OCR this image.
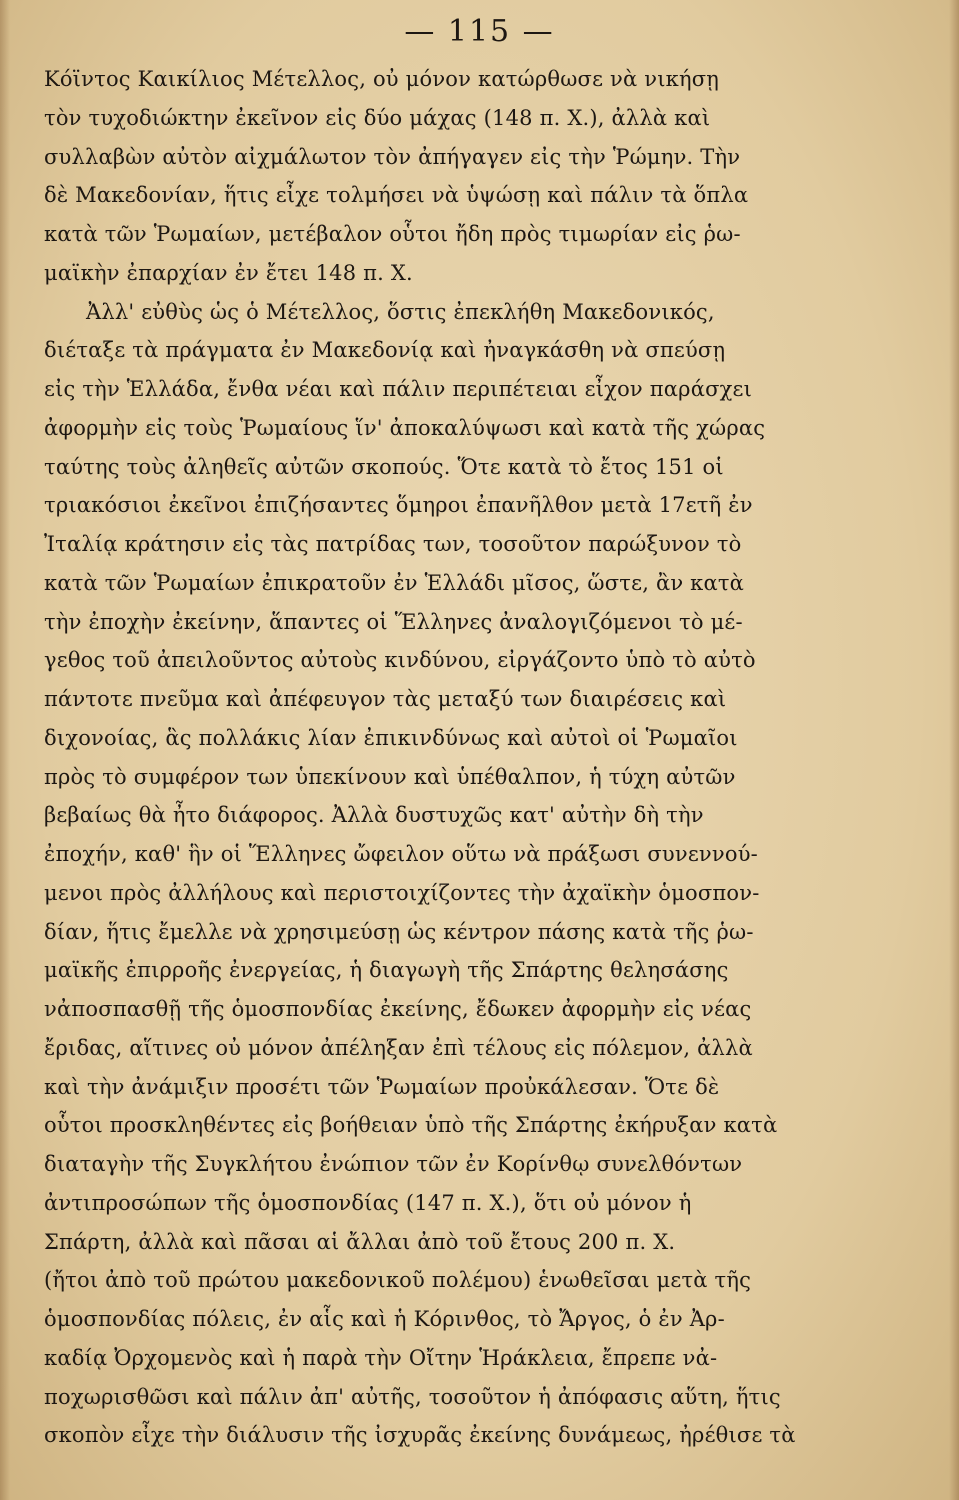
— 115 —
Κόϊντος Καικίλιος Μέτελλος, οὐ μόνον κατώρθωσε νὰ νικήσῃ
τὸν τυχοδιώκτην ἐκεῖνον εἰς δύο μάχας (148 π. Χ.), ἀλλὰ καὶ
συλλαβὼν αὐτὸν αἰχμάλωτον τὸν ἀπήγαγεν εἰς τὴν Ῥώμην. Τὴν
δὲ Μακεδονίαν, ἥτις εἶχε τολμήσει νὰ ὑψώσῃ καὶ πάλιν τὰ ὅπλα
κατὰ τῶν Ῥωμαίων, μετέβαλον οὗτοι ἤδη πρὸς τιμωρίαν εἰς ῥω-
μαϊκὴν ἐπαρχίαν ἐν ἔτει 148 π. Χ.
Ἀλλ' εὐθὺς ὡς ὁ Μέτελλος, ὅστις ἐπεκλήθη Μακεδονικός,
διέταξε τὰ πράγματα ἐν Μακεδονίᾳ καὶ ἠναγκάσθη νὰ σπεύσῃ
εἰς τὴν Ἑλλάδα, ἔνθα νέαι καὶ πάλιν περιπέτειαι εἶχον παράσχει
ἀφορμὴν εἰς τοὺς Ῥωμαίους ἵν' ἀποκαλύψωσι καὶ κατὰ τῆς χώρας
ταύτης τοὺς ἀληθεῖς αὐτῶν σκοπούς. Ὅτε κατὰ τὸ ἔτος 151 οἱ
τριακόσιοι ἐκεῖνοι ἐπιζήσαντες ὅμηροι ἐπανῆλθον μετὰ 17ετῆ ἐν
Ἰταλίᾳ κράτησιν εἰς τὰς πατρίδας των, τοσοῦτον παρώξυνον τὸ
κατὰ τῶν Ῥωμαίων ἐπικρατοῦν ἐν Ἑλλάδι μῖσος, ὥστε, ἂν κατὰ
τὴν ἐποχὴν ἐκείνην, ἅπαντες οἱ Ἕλληνες ἀναλογιζόμενοι τὸ μέ-
γεθος τοῦ ἀπειλοῦντος αὐτοὺς κινδύνου, εἰργάζοντο ὑπὸ τὸ αὐτὸ
πάντοτε πνεῦμα καὶ ἀπέφευγον τὰς μεταξύ των διαιρέσεις καὶ
διχονοίας, ἃς πολλάκις λίαν ἐπικινδύνως καὶ αὐτοὶ οἱ Ῥωμαῖοι
πρὸς τὸ συμφέρον των ὑπεκίνουν καὶ ὑπέθαλπον, ἡ τύχη αὐτῶν
βεβαίως θὰ ἦτο διάφορος. Ἀλλὰ δυστυχῶς κατ' αὐτὴν δὴ τὴν
ἐποχήν, καθ' ἣν οἱ Ἕλληνες ὤφειλον οὕτω νὰ πράξωσι συνεννού-
μενοι πρὸς ἀλλήλους καὶ περιστοιχίζοντες τὴν ἀχαϊκὴν ὁμοσπον-
δίαν, ἥτις ἔμελλε νὰ χρησιμεύσῃ ὡς κέντρον πάσης κατὰ τῆς ῥω-
μαϊκῆς ἐπιρροῆς ἐνεργείας, ἡ διαγωγὴ τῆς Σπάρτης θελησάσης
νἀποσπασθῇ τῆς ὁμοσπονδίας ἐκείνης, ἔδωκεν ἀφορμὴν εἰς νέας
ἔριδας, αἵτινες οὐ μόνον ἀπέληξαν ἐπὶ τέλους εἰς πόλεμον, ἀλλὰ
καὶ τὴν ἀνάμιξιν προσέτι τῶν Ῥωμαίων προὐκάλεσαν. Ὅτε δὲ
οὗτοι προσκληθέντες εἰς βοήθειαν ὑπὸ τῆς Σπάρτης ἐκήρυξαν κατὰ
διαταγὴν τῆς Συγκλήτου ἐνώπιον τῶν ἐν Κορίνθῳ συνελθόντων
ἀντιπροσώπων τῆς ὁμοσπονδίας (147 π. Χ.), ὅτι οὐ μόνον ἡ
Σπάρτη, ἀλλὰ καὶ πᾶσαι αἱ ἄλλαι ἀπὸ τοῦ ἔτους 200 π. Χ.
(ἤτοι ἀπὸ τοῦ πρώτου μακεδονικοῦ πολέμου) ἑνωθεῖσαι μετὰ τῆς
ὁμοσπονδίας πόλεις, ἐν αἷς καὶ ἡ Κόρινθος, τὸ Ἄργος, ὁ ἐν Ἀρ-
καδίᾳ Ὀρχομενὸς καὶ ἡ παρὰ τὴν Οἴτην Ἡράκλεια, ἔπρεπε νἀ-
ποχωρισθῶσι καὶ πάλιν ἀπ' αὐτῆς, τοσοῦτον ἡ ἀπόφασις αὕτη, ἥτις
σκοπὸν εἶχε τὴν διάλυσιν τῆς ἰσχυρᾶς ἐκείνης δυνάμεως, ἠρέθισε τὰ
